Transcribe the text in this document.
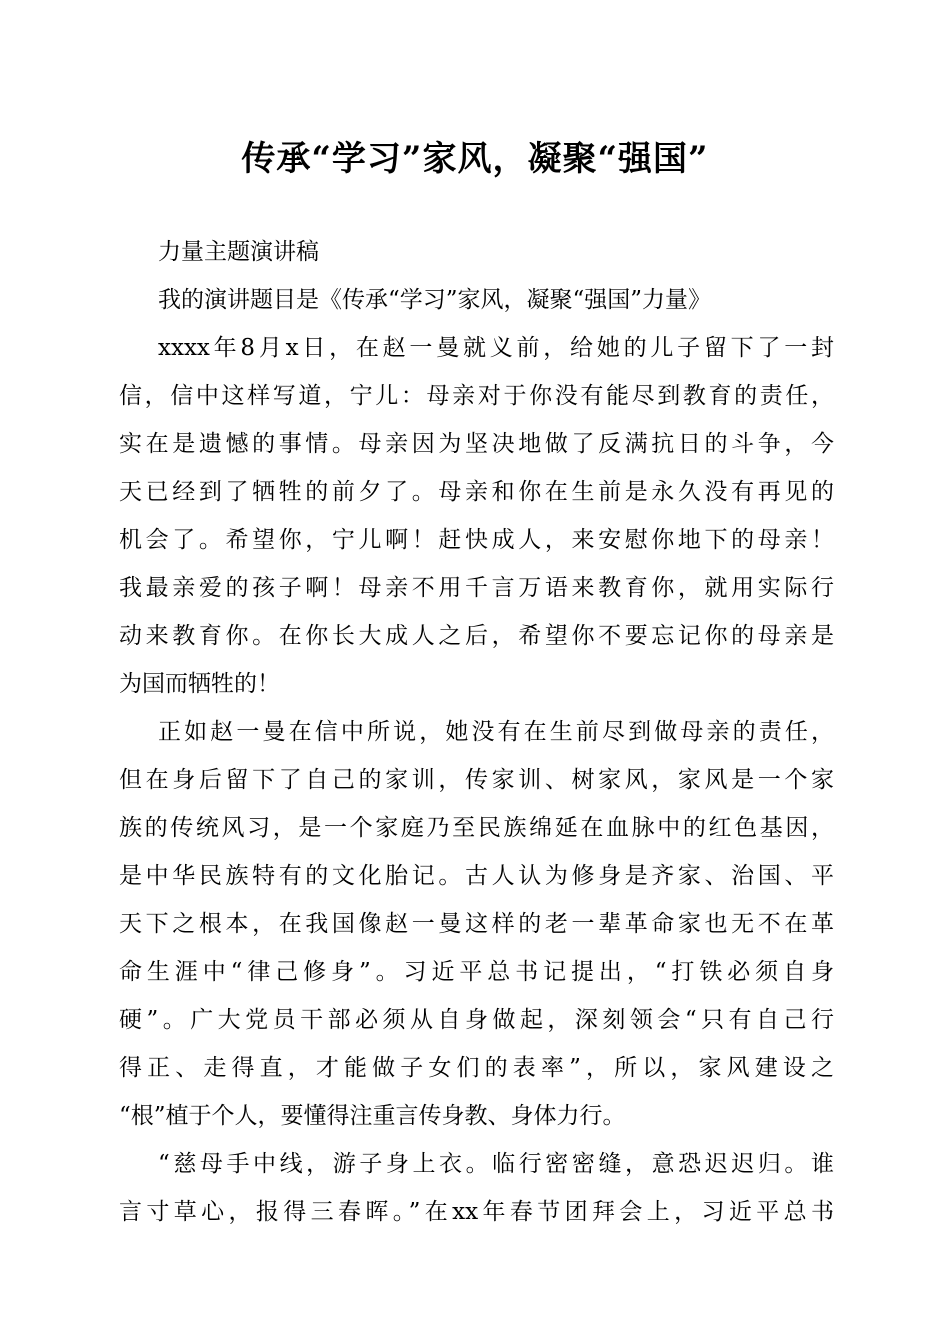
传承“学习”家风，凝聚“强国”
力量主题演讲稿
我的演讲题目是《传承“学习”家风，凝聚“强国”力量》
xxxx年8月x日，在赵一曼就义前，给她的儿子留下了一封
信，信中这样写道，宁儿：母亲对于你没有能尽到教育的责任，
实在是遗憾的事情。母亲因为坚决地做了反满抗日的斗争，今
天已经到了牺牲的前夕了。母亲和你在生前是永久没有再见的
机会了。希望你，宁儿啊！赶快成人，来安慰你地下的母亲！
我最亲爱的孩子啊！母亲不用千言万语来教育你，就用实际行
动来教育你。在你长大成人之后，希望你不要忘记你的母亲是
为国而牺牲的！
正如赵一曼在信中所说，她没有在生前尽到做母亲的责任，
但在身后留下了自己的家训，传家训、树家风，家风是一个家
族的传统风习，是一个家庭乃至民族绵延在血脉中的红色基因，
是中华民族特有的文化胎记。古人认为修身是齐家、治国、平
天下之根本，在我国像赵一曼这样的老一辈革命家也无不在革
命生涯中“律己修身”。习近平总书记提出，“打铁必须自身
硬”。广大党员干部必须从自身做起，深刻领会“只有自己行
得正、走得直，才能做子女们的表率”，所以，家风建设之
“根”植于个人，要懂得注重言传身教、身体力行。
“慈母手中线，游子身上衣。临行密密缝，意恐迟迟归。谁
言寸草心，报得三春晖。”在xx年春节团拜会上，习近平总书
